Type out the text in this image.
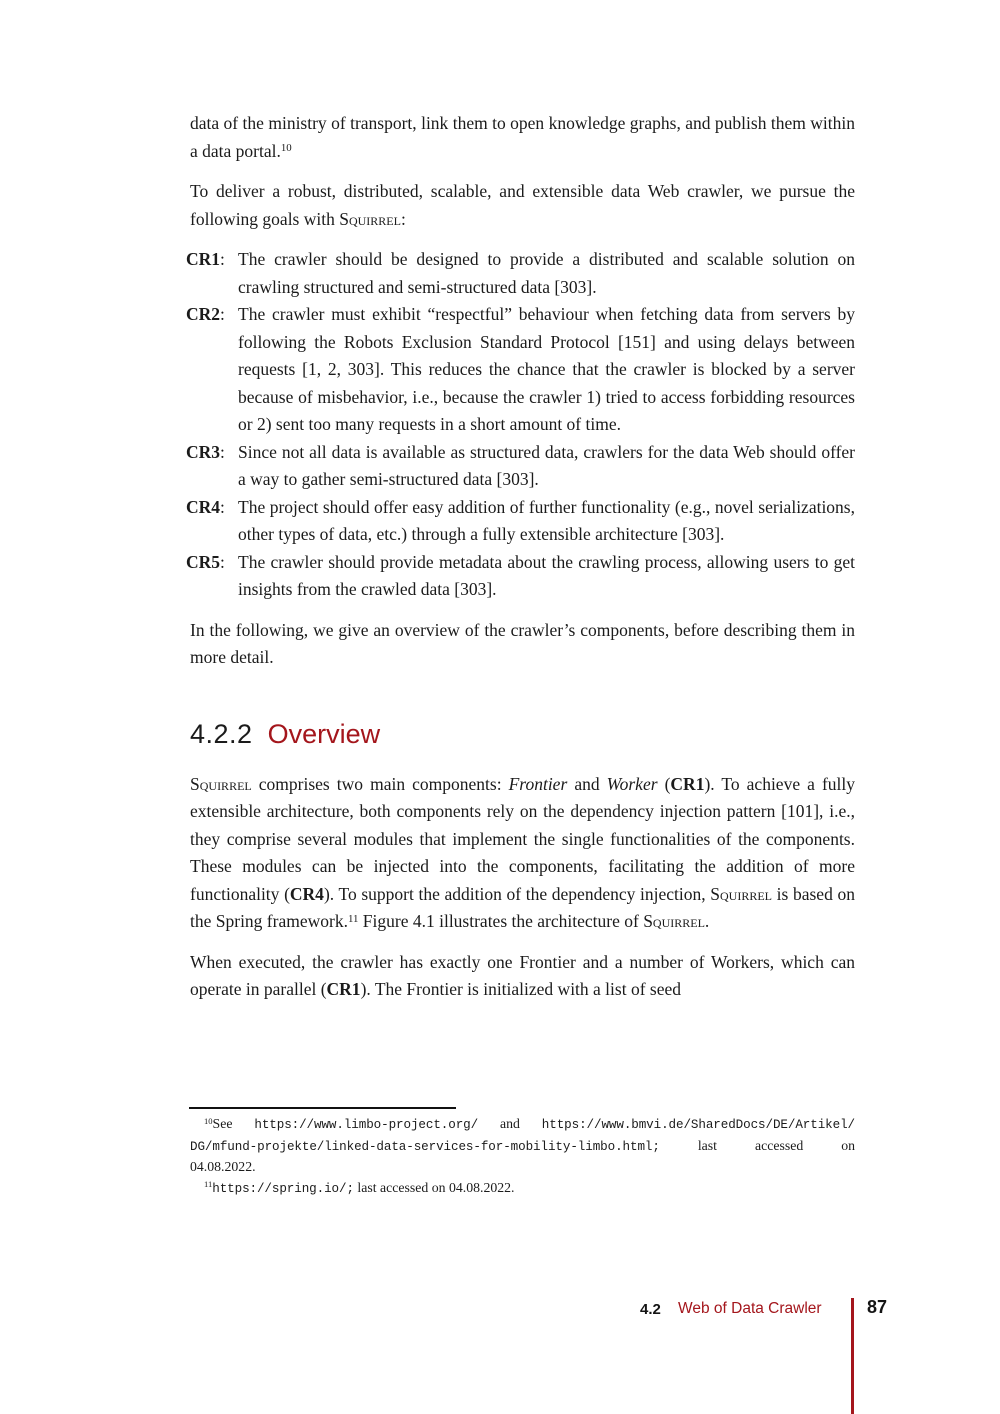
data of the ministry of transport, link them to open knowledge graphs, and publish them within a data portal.$^{10}$

To deliver a robust, distributed, scalable, and extensible data Web crawler, we pursue the following goals with Squirrel:

CR1: The crawler should be designed to provide a distributed and scalable solution on crawling structured and semi-structured data [303].
CR2: The crawler must exhibit “respectful” behaviour when fetching data from servers by following the Robots Exclusion Standard Protocol [151] and using delays between requests [1, 2, 303]. This reduces the chance that the crawler is blocked by a server because of misbehavior, i.e., because the crawler 1) tried to access forbidding resources or 2) sent too many requests in a short amount of time.
CR3: Since not all data is available as structured data, crawlers for the data Web should offer a way to gather semi-structured data [303].
CR4: The project should offer easy addition of further functionality (e.g., novel serializations, other types of data, etc.) through a fully extensible architecture [303].
CR5: The crawler should provide metadata about the crawling process, allowing users to get insights from the crawled data [303].

In the following, we give an overview of the crawler’s components, before describing them in more detail.

4.2.2 Overview

Squirrel comprises two main components: Frontier and Worker (CR1). To achieve a fully extensible architecture, both components rely on the dependency injection pattern [101], i.e., they comprise several modules that implement the single functionalities of the components. These modules can be injected into the components, facilitating the addition of more functionality (CR4). To support the addition of the dependency injection, Squirrel is based on the Spring framework.$^{11}$ Figure 4.1 illustrates the architecture of Squirrel.

When executed, the crawler has exactly one Frontier and a number of Workers, which can operate in parallel (CR1). The Frontier is initialized with a list of seed

$^{10}$See https://www.limbo-project.org/ and https://www.bmvi.de/SharedDocs/DE/Artikel/
DG/mfund-projekte/linked-data-services-for-mobility-limbo.html; last accessed on
04.08.2022.
$^{11}$https://spring.io/; last accessed on 04.08.2022.
4.2 Web of Data Crawler	87
